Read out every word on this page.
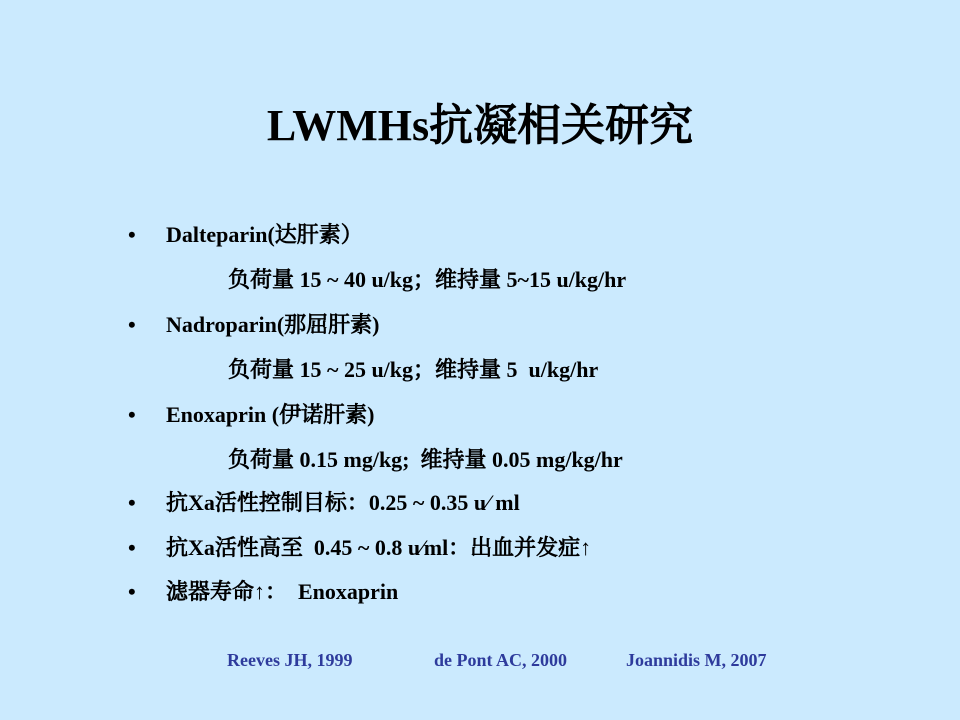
LWMHs抗凝相关研究
• Dalteparin(达肝素）
负荷量 15 ~ 40 u/kg；维持量 5~15 u/kg/hr
• Nadroparin(那屈肝素)
负荷量 15 ~ 25 u/kg；维持量 5  u/kg/hr
• Enoxaprin (伊诺肝素)
负荷量 0.15 mg/kg;  维持量 0.05 mg/kg/hr
• 抗Xa活性控制目标：0.25 ~ 0.35 u⁄ ml
• 抗Xa活性高至  0.45 ~ 0.8 u⁄ml：出血并发症↑
• 滤器寿命↑：  Enoxaprin
Reeves JH, 1999	de Pont AC, 2000	Joannidis M, 2007
